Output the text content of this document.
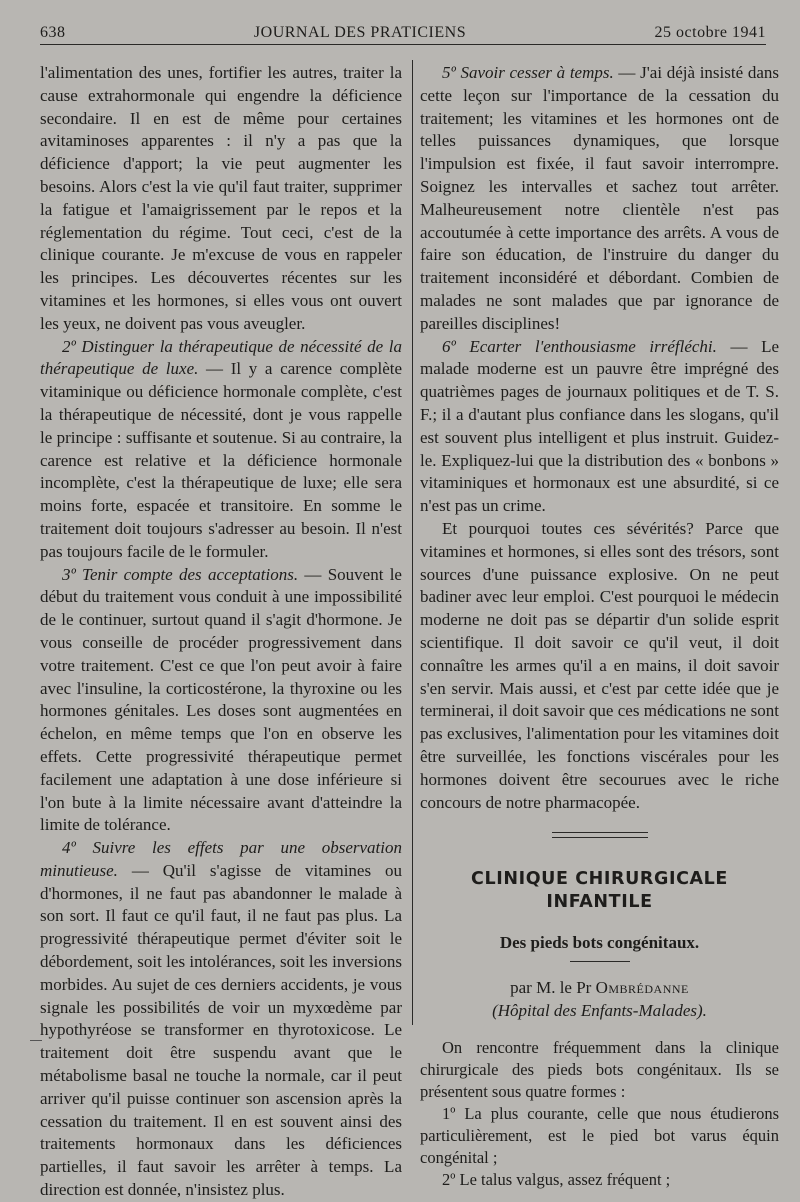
638	JOURNAL DES PRATICIENS	25 octobre 1941

l'alimentation des unes, fortifier les autres, traiter la cause extrahormonale qui engendre la déficience secondaire. Il en est de même pour certaines avitaminoses apparentes : il n'y a pas que la déficience d'apport; la vie peut augmenter les besoins. Alors c'est la vie qu'il faut traiter, supprimer la fatigue et l'amaigrissement par le repos et la réglementation du régime. Tout ceci, c'est de la clinique courante. Je m'excuse de vous en rappeler les principes. Les découvertes récentes sur les vitamines et les hormones, si elles vous ont ouvert les yeux, ne doivent pas vous aveugler.

2º Distinguer la thérapeutique de nécessité de la thérapeutique de luxe. — Il y a carence complète vitaminique ou déficience hormonale complète, c'est la thérapeutique de nécessité, dont je vous rappelle le principe : suffisante et soutenue. Si au contraire, la carence est relative et la déficience hormonale incomplète, c'est la thérapeutique de luxe; elle sera moins forte, espacée et transitoire. En somme le traitement doit toujours s'adresser au besoin. Il n'est pas toujours facile de le formuler.

3º Tenir compte des acceptations. — Souvent le début du traitement vous conduit à une impossibilité de le continuer, surtout quand il s'agit d'hormone. Je vous conseille de procéder progressivement dans votre traitement. C'est ce que l'on peut avoir à faire avec l'insuline, la corticostérone, la thyroxine ou les hormones génitales. Les doses sont augmentées en échelon, en même temps que l'on en observe les effets. Cette progressivité thérapeutique permet facilement une adaptation à une dose inférieure si l'on bute à la limite nécessaire avant d'atteindre la limite de tolérance.

4º Suivre les effets par une observation minutieuse. — Qu'il s'agisse de vitamines ou d'hormones, il ne faut pas abandonner le malade à son sort. Il faut ce qu'il faut, il ne faut pas plus. La progressivité thérapeutique permet d'éviter soit le débordement, soit les intolérances, soit les inversions morbides. Au sujet de ces derniers accidents, je vous signale les possibilités de voir un myxœdème par hypothyréose se transformer en thyrotoxicose. Le traitement doit être suspendu avant que le métabolisme basal ne touche la normale, car il peut arriver qu'il puisse continuer son ascension après la cessation du traitement. Il en est souvent ainsi des traitements hormonaux dans les déficiences partielles, il faut savoir les arrêter à temps. La direction est donnée, n'insistez plus.

5º Savoir cesser à temps. — J'ai déjà insisté dans cette leçon sur l'importance de la cessation du traitement; les vitamines et les hormones ont de telles puissances dynamiques, que lorsque l'impulsion est fixée, il faut savoir interrompre. Soignez les intervalles et sachez tout arrêter. Malheureusement notre clientèle n'est pas accoutumée à cette importance des arrêts. A vous de faire son éducation, de l'instruire du danger du traitement inconsidéré et débordant. Combien de malades ne sont malades que par ignorance de pareilles disciplines!

6º Ecarter l'enthousiasme irréfléchi. — Le malade moderne est un pauvre être imprégné des quatrièmes pages de journaux politiques et de T. S. F.; il a d'autant plus confiance dans les slogans, qu'il est souvent plus intelligent et plus instruit. Guidez-le. Expliquez-lui que la distribution des « bonbons » vitaminiques et hormonaux est une absurdité, si ce n'est pas un crime.

Et pourquoi toutes ces sévérités? Parce que vitamines et hormones, si elles sont des trésors, sont sources d'une puissance explosive. On ne peut badiner avec leur emploi. C'est pourquoi le médecin moderne ne doit pas se départir d'un solide esprit scientifique. Il doit savoir ce qu'il veut, il doit connaître les armes qu'il a en mains, il doit savoir s'en servir. Mais aussi, et c'est par cette idée que je terminerai, il doit savoir que ces médications ne sont pas exclusives, l'alimentation pour les vitamines doit être surveillée, les fonctions viscérales pour les hormones doivent être secourues avec le riche concours de notre pharmacopée.

CLINIQUE CHIRURGICALE
INFANTILE
Des pieds bots congénitaux.
par M. le Pr Ombrédanne
(Hôpital des Enfants-Malades).

On rencontre fréquemment dans la clinique chirurgicale des pieds bots congénitaux. Ils se présentent sous quatre formes :

1º La plus courante, celle que nous étudierons particulièrement, est le pied bot varus équin congénital ;

2º Le talus valgus, assez fréquent ;
